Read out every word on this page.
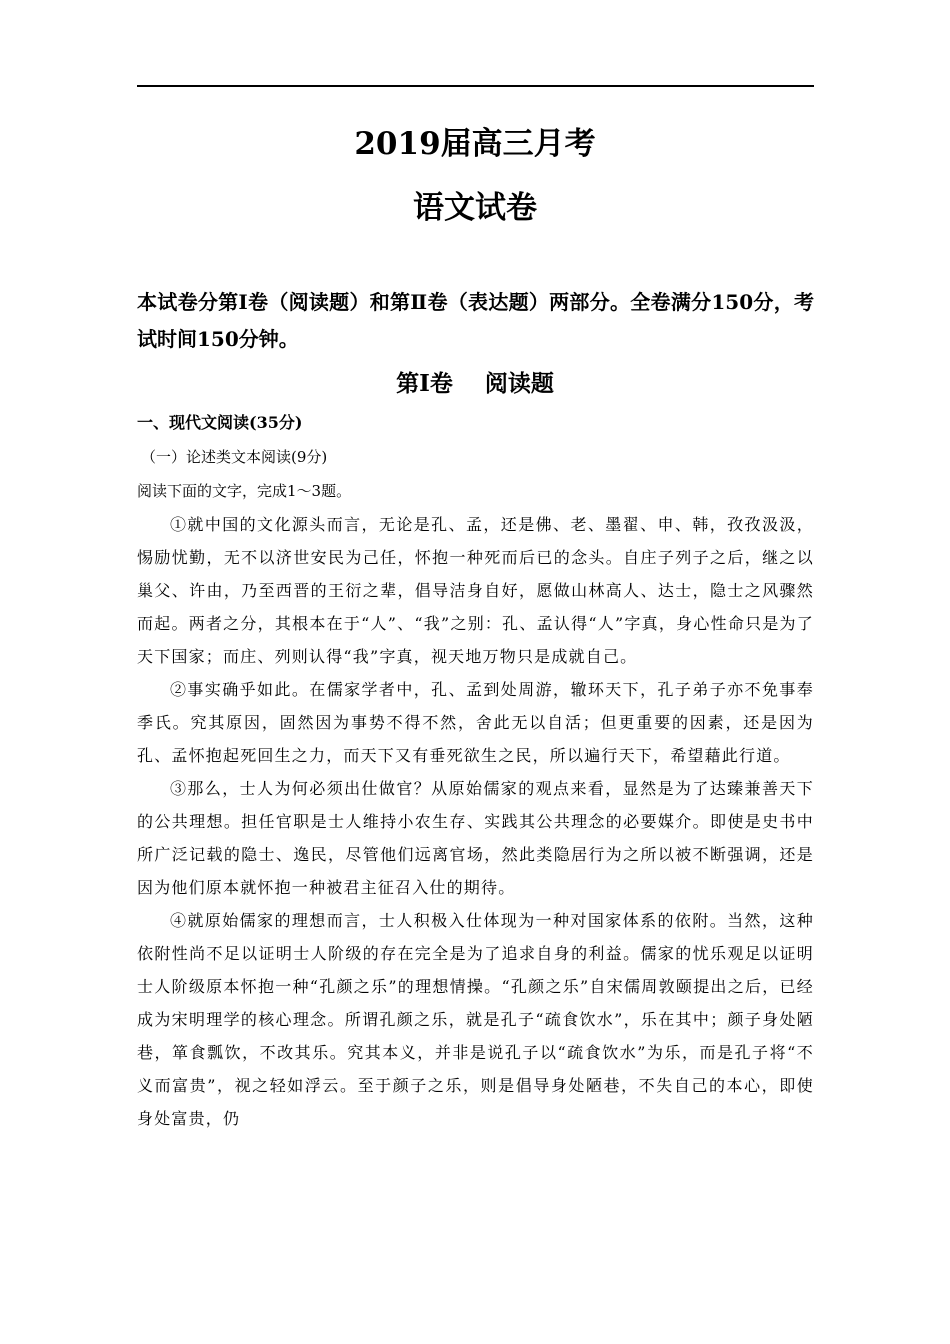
2019届高三月考
语文试卷
本试卷分第Ⅰ卷（阅读题）和第Ⅱ卷（表达题）两部分。全卷满分150分，考试时间150分钟。
第Ⅰ卷    阅读题
一、现代文阅读(35分)
（一）论述类文本阅读(9分)
阅读下面的文字，完成1～3题。

①就中国的文化源头而言，无论是孔、孟，还是佛、老、墨翟、申、韩，孜孜汲汲，惕励忧勤，无不以济世安民为己任，怀抱一种死而后已的念头。自庄子列子之后，继之以巢父、许由，乃至西晋的王衍之辈，倡导洁身自好，愿做山林高人、达士，隐士之风骤然而起。两者之分，其根本在于“人”、“我”之别：孔、孟认得“人”字真，身心性命只是为了天下国家；而庄、列则认得“我”字真，视天地万物只是成就自己。

②事实确乎如此。在儒家学者中，孔、孟到处周游，辙环天下，孔子弟子亦不免事奉季氏。究其原因，固然因为事势不得不然，舍此无以自活；但更重要的因素，还是因为孔、孟怀抱起死回生之力，而天下又有垂死欲生之民，所以遍行天下，希望藉此行道。

③那么，士人为何必须出仕做官？从原始儒家的观点来看，显然是为了达臻兼善天下的公共理想。担任官职是士人维持小农生存、实践其公共理念的必要媒介。即使是史书中所广泛记载的隐士、逸民，尽管他们远离官场，然此类隐居行为之所以被不断强调，还是因为他们原本就怀抱一种被君主征召入仕的期待。

④就原始儒家的理想而言，士人积极入仕体现为一种对国家体系的依附。当然，这种依附性尚不足以证明士人阶级的存在完全是为了追求自身的利益。儒家的忧乐观足以证明士人阶级原本怀抱一种“孔颜之乐”的理想情操。“孔颜之乐”自宋儒周敦颐提出之后，已经成为宋明理学的核心理念。所谓孔颜之乐，就是孔子“疏食饮水”，乐在其中；颜子身处陋巷，箪食瓢饮，不改其乐。究其本义，并非是说孔子以“疏食饮水”为乐，而是孔子将“不义而富贵”，视之轻如浮云。至于颜子之乐，则是倡导身处陋巷，不失自己的本心，即使身处富贵，仍
